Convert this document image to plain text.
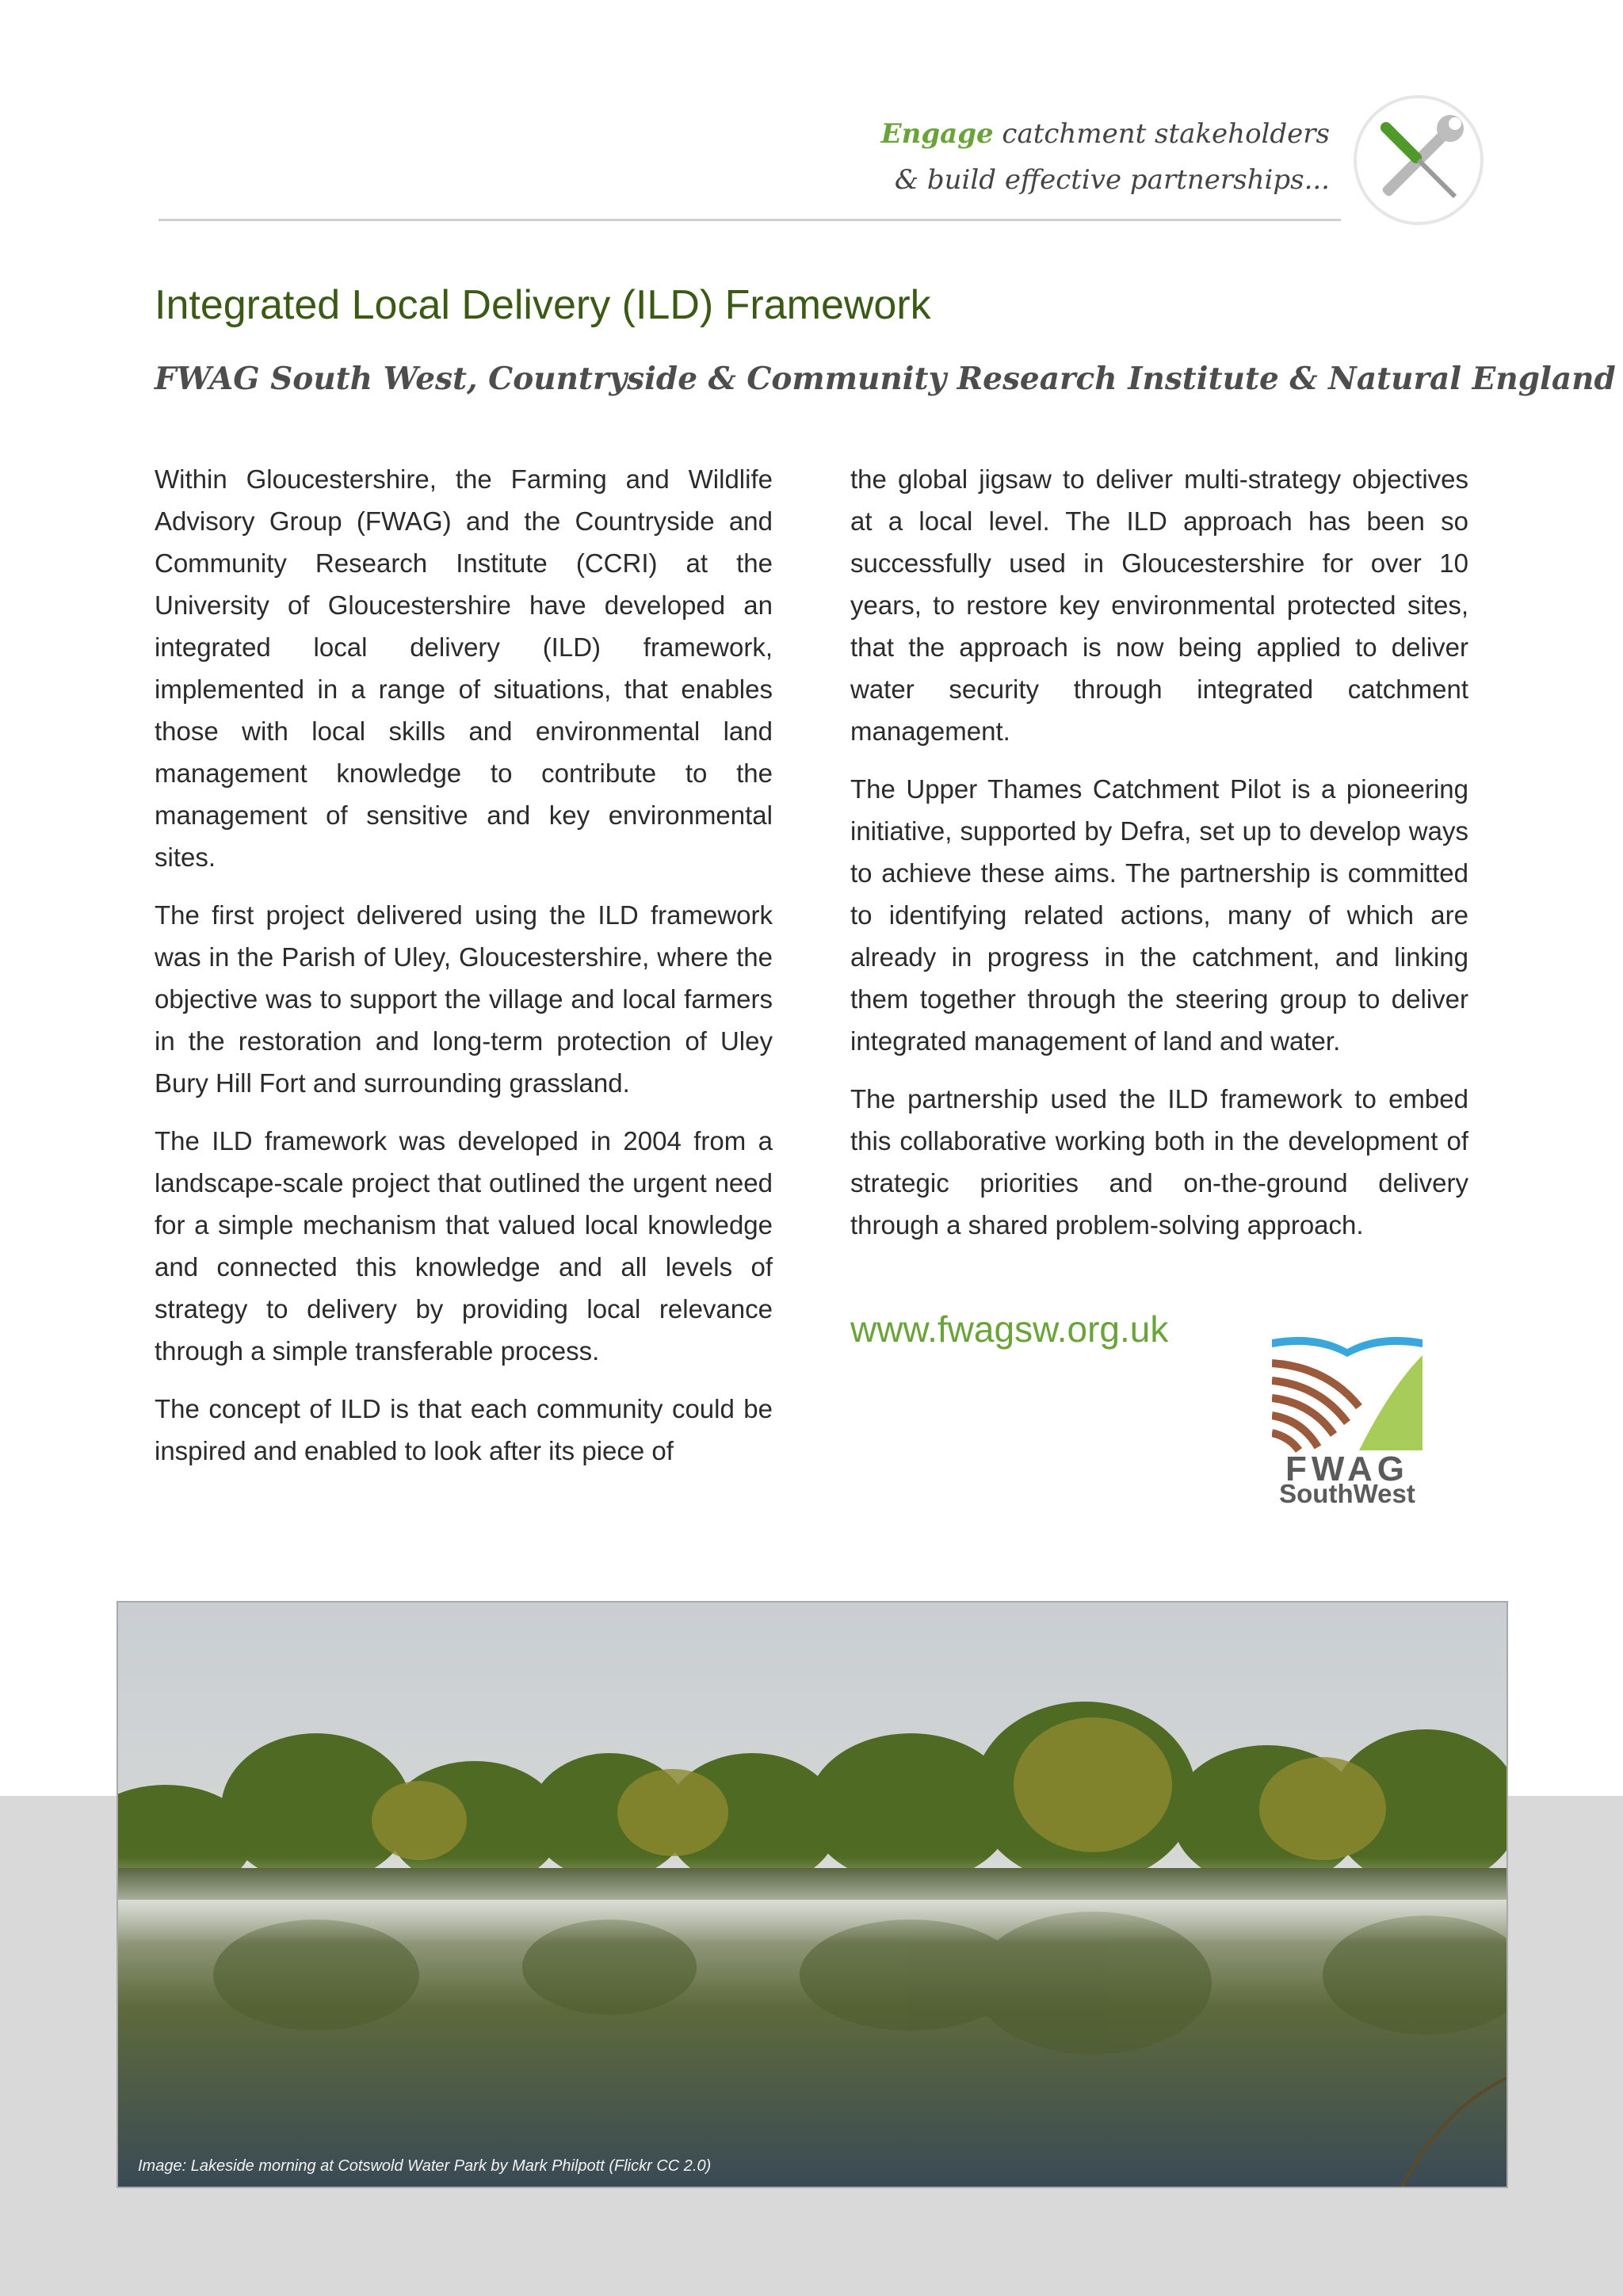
Engage catchment stakeholders
& build effective partnerships...
Integrated Local Delivery (ILD) Framework
FWAG South West, Countryside & Community Research Institute & Natural England

Within Gloucestershire, the Farming and Wildlife Advisory Group (FWAG) and the Countryside and Community Research Institute (CCRI) at the University of Gloucestershire have developed an integrated local delivery (ILD) framework, implemented in a range of situations, that enables those with local skills and environmental land management knowledge to contribute to the management of sensitive and key environmental sites.

The first project delivered using the ILD framework was in the Parish of Uley, Gloucestershire, where the objective was to support the village and local farmers in the restoration and long-term protection of Uley Bury Hill Fort and surrounding grassland.

The ILD framework was developed in 2004 from a landscape-scale project that outlined the urgent need for a simple mechanism that valued local knowledge and connected this knowledge and all levels of strategy to delivery by providing local relevance through a simple transferable process.

The concept of ILD is that each community could be inspired and enabled to look after its piece of

the global jigsaw to deliver multi-strategy objectives at a local level. The ILD approach has been so successfully used in Gloucestershire for over 10 years, to restore key environmental protected sites, that the approach is now being applied to deliver water security through integrated catchment management.

The Upper Thames Catchment Pilot is a pioneering initiative, supported by Defra, set up to develop ways to achieve these aims. The partnership is committed to identifying related actions, many of which are already in progress in the catchment, and linking them together through the steering group to deliver integrated management of land and water.

The partnership used the ILD framework to embed this collaborative working both in the development of strategic priorities and on-the-ground delivery through a shared problem-solving approach.

www.fwagsw.org.uk
FWAG
SouthWest
Image: Lakeside morning at Cotswold Water Park by Mark Philpott (Flickr CC 2.0)
